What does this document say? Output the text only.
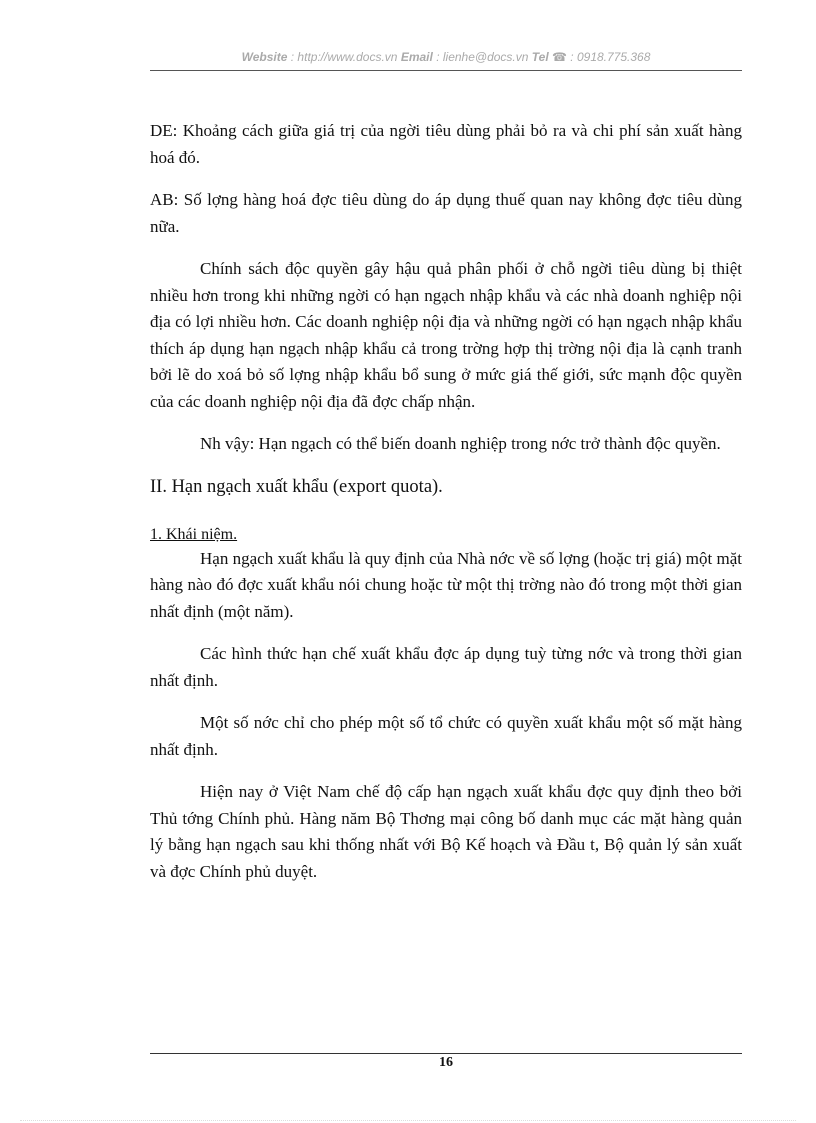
Website : http://www.docs.vn Email : lienhe@docs.vn Tel ☎ : 0918.775.368

DE: Khoảng cách giữa giá trị của ngời tiêu dùng phải bỏ ra và chi phí sản xuất hàng hoá đó.

AB: Số lợng hàng hoá đợc tiêu dùng do áp dụng thuế quan nay không đợc tiêu dùng nữa.

Chính sách độc quyền gây hậu quả phân phối ở chỗ ngời tiêu dùng bị thiệt nhiều hơn trong khi những ngời có hạn ngạch nhập khẩu và các nhà doanh nghiệp nội địa có lợi nhiều hơn. Các doanh nghiệp nội địa và những ngời có hạn ngạch nhập khẩu thích áp dụng hạn ngạch nhập khẩu cả trong trờng hợp thị trờng nội địa là cạnh tranh bởi lẽ do xoá bỏ số lợng nhập khẩu bổ sung ở mức giá thế giới, sức mạnh độc quyền của các doanh nghiệp nội địa đã đợc chấp nhận.

Nh vậy: Hạn ngạch có thể biến doanh nghiệp trong nớc trở thành độc quyền.

II. Hạn ngạch xuất khẩu (export quota).

1. Khái niệm.

Hạn ngạch xuất khẩu là quy định của Nhà nớc về số lợng (hoặc trị giá) một mặt hàng nào đó đợc xuất khẩu nói chung hoặc từ một thị trờng nào đó trong một thời gian nhất định (một năm).

Các hình thức hạn chế xuất khẩu đợc áp dụng tuỳ từng nớc và trong thời gian nhất định.

Một số nớc chỉ cho phép một số tổ chức có quyền xuất khẩu một số mặt hàng nhất định.

Hiện nay ở Việt Nam chế độ cấp hạn ngạch xuất khẩu đợc quy định theo bởi Thủ tớng Chính phủ. Hàng năm Bộ Thơng mại công bố danh mục các mặt hàng quản lý bằng hạn ngạch sau khi thống nhất với Bộ Kế hoạch và Đầu t, Bộ quản lý sản xuất và đợc Chính phủ duyệt.

16
